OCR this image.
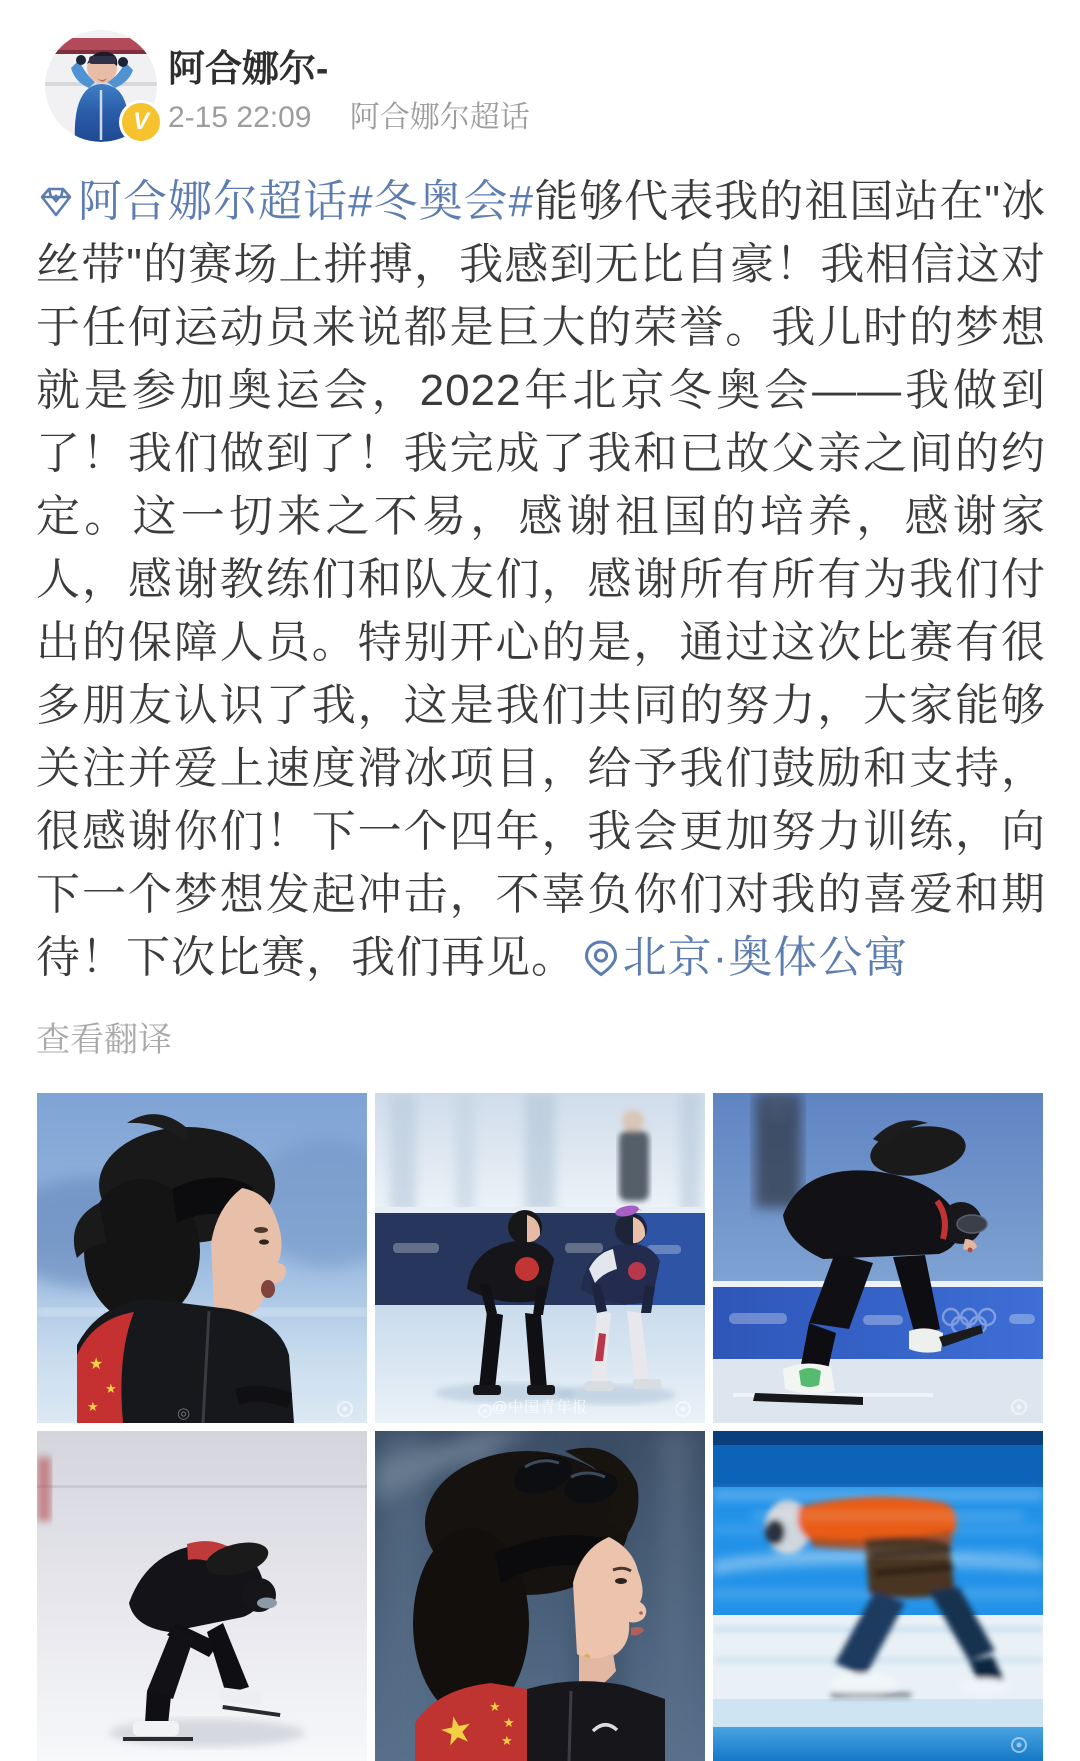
V
阿合娜尔-
2-15 22:09 阿合娜尔超话
阿合娜尔超话#冬奥会#能够代表我的祖国站在"冰丝带"的赛场上拼搏，我感到无比自豪！我相信这对于任何运动员来说都是巨大的荣誉。我儿时的梦想就是参加奥运会，2022年北京冬奥会——我做到了！我们做到了！我完成了我和已故父亲之间的约定。这一切来之不易，感谢祖国的培养，感谢家人，感谢教练们和队友们，感谢所有所有为我们付出的保障人员。特别开心的是，通过这次比赛有很多朋友认识了我，这是我们共同的努力，大家能够关注并爱上速度滑冰项目，给予我们鼓励和支持，很感谢你们！下一个四年，我会更加努力训练，向下一个梦想发起冲击，不辜负你们对我的喜爱和期待！下次比赛，我们再见。  北京·奥体公寓
查看翻译
★
★
★	◎	@中国青年报
★
★
★
★
